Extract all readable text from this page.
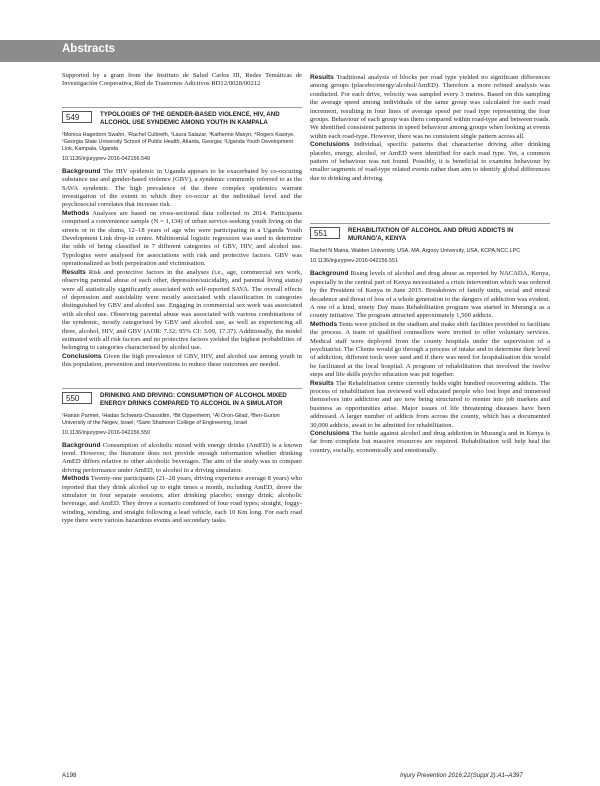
Abstracts

Supported by a grant from the Instituto de Salud Carlos III, Redes Temáticas de Investigación Cooperativa, Red de Trastornos Adictivos RD12/0028/00212

549	TYPOLOGIES OF THE GENDER-BASED VIOLENCE, HIV, AND ALCOHOL USE SYNDEMIC AMONG YOUTH IN KAMPALA
¹Monica Hagedorn Swahn, ¹Rachel Culbreth, ²Laura Salazar, ³Katherine Masyn, ⁴Rogers Kasirye. ¹Georgia State University School of Public Health, Atlanta, Georgia; ²Uganda Youth Development Link, Kampala, Uganda
10.1136/injuryprev-2016-042156.549

Background The HIV epidemic in Uganda appears to be exacerbated by co-occuring substance use and gender-based violence (GBV), a syndemic commonly referred to as the SAVA syndemic. The high prevalence of the three complex epidemics warrant investigation of the extent to which they co-occur at the individual level and the psychosocial correlates that increase risk.

Methods Analyses are based on cross-sectional data collected in 2014. Participants comprised a convenience sample (N = 1,134) of urban service-seeking youth living on the streets or in the slums, 12–18 years of age who were participating in a Uganda Youth Development Link drop-in centre. Multinomial logistic regression was used to determine the odds of being classified in 7 different categories of GBV, HIV, and alcohol use. Typologies were analysed for associations with risk and protective factors. GBV was operationalized as both perpetration and victimisation.

Results Risk and protective factors in the analyses (i.e., age, commercial sex work, observing parental abuse of each other, depression/suicidality, and parental living status) were all statistically significantly associated with self-reported SAVA. The overall effects of depression and suicidality were mostly associated with classification in categories distinguished by GBV and alcohol use. Engaging in commercial sex work was associated with alcohol use. Observing parental abuse was associated with various combinations of the syndemic, mostly categorised by GBV and alcohol use, as well as experiencing all three, alcohol, HIV, and GBV (AOR: 7.32; 95% CI: 3.09, 17.37). Additionally, the model estimated with all risk factors and no protective factors yielded the highest probabilities of belonging to categories characterised by alcohol use.

Conclusions Given the high prevalence of GBV, HIV, and alcohol use among youth in this population, prevention and interventions to reduce these outcomes are needed.

550	DRINKING AND DRIVING: CONSUMPTION OF ALCOHOL MIXED ENERGY DRINKS COMPARED TO ALCOHOL IN A SIMULATOR
¹Hanan Parmet, ¹Hadas Schwartz-Chassidim, ¹Bit Oppenheim, ¹Al Oron-Gilad, ²Ben-Gurion University of the Negev, Israel; ²Sami Shamoon College of Engineering, Israel
10.1136/injuryprev-2016-042156.550

Background Consumption of alcoholic mixed with energy drinks (AmED) is a known trend. However, the literature does not provide enough information whether drinking AmED differs relative to other alcoholic beverages. The aim of the study was to compare driving performance under AmED, to alcohol in a driving simulator.

Methods Twenty-one participants (21–28 years, driving experience average 8 years) who reported that they drink alcohol up to eight times a month, including AmED, drove the simulator in four separate sessions; after drinking placebo; energy drink; alcoholic beverage, and AmED. They drove a scenario combined of four road types; straight, foggy-winding, winding, and straight following a lead vehicle, each 10 Km long. For each road type there were various hazardous events and secondary tasks.

Results Traditional analysis of blocks per road type yielded no significant differences among groups (placebo/energy/alcohol/AmED). Therefore a more refined analysis was conducted. For each drive, velocity was sampled every 3 metres. Based on this sampling the average speed among individuals of the same group was calculated for each road increment, resulting in four lines of average speed per road type representing the four groups. Behaviour of each group was them compared within road-type and between roads. We identified consistent patterns in speed behaviour among groups when looking at events within each road-type. However, there was no consistent single pattern across all.

Conclusions Individual, specific patterns that characterise driving after drinking placebo, energy, alcohol, or AmED were identified for each road type. Yet, a common pattern of behaviour was not found. Possibly, it is beneficial to examine behaviour by smaller segments of road-type related events rather than aim to identify global differences due to drinking and driving.

551	REHABILITATION OF ALCOHOL AND DRUG ADDICTS IN MURANG'A, KENYA
Rachel N Maina. Walden University, USA, MA, Argosy University, USA, KCPA,NCC,LPC
10.1136/injuryprev-2016-042156.551

Background Rising levels of alcohol and drug abuse as reported by NACADA, Kenya, especially in the central part of Kenya necessitated a crisis intervention which was ordered by the President of Kenya in June 2015. Breakdown of family units, social and moral decadence and threat of loss of a whole generation to the dangers of addiction was evident. A one of a kind, ninety Day mass Rehabilitation program was started in Murang'a as a county initiative. The program attracted approximately 1,500 addicts.

Methods Tents were pitched in the stadium and make shift facilities provided to facilitate the process. A team of qualified counsellors were invited to offer voluntary services. Medical staff were deployed from the county hospitals under the supervision of a psychiatrist. The Clients would go through a process of intake and to determine their level of addiction, different tools were used and if there was need for hospitalisation this would be facilitated at the local hospital. A program of rehabilitation that involved the twelve steps and life skills psycho education was put together.

Results The Rehabilitation centre currently holds eight hundred recovering addicts. The process of rehabilitation has reviewed well educated people who lost hope and immersed themselves into addiction and are now being structured to reenter into job markets and business as opportunities arise. Major issues of life threatening diseases have been addressed. A larger number of addicts from across the county, which has a documented 30,000 addicts, await to be admitted for rehabilitation.

Conclusions The battle against alcohol and drug addiction in Murang'a and in Kenya is far from complete but massive resources are required. Rehabilitation will help heal the country, socially, economically and emotionally.

A198	Injury Prevention 2016;22(Suppl 2):A1–A397
